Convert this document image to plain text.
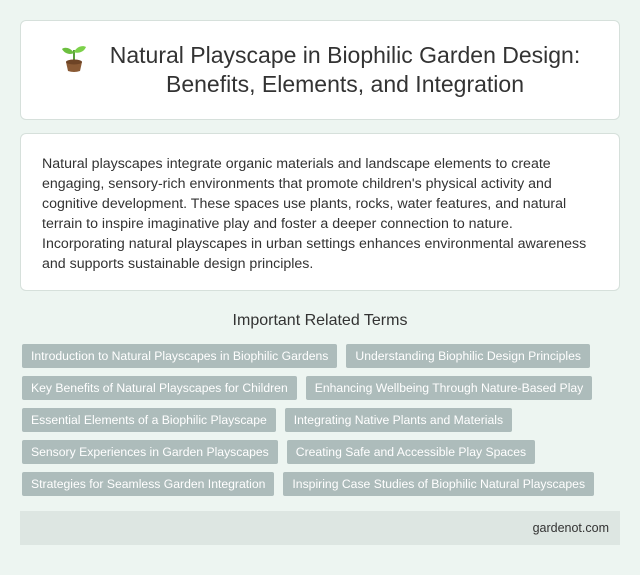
Natural Playscape in Biophilic Garden Design:
Benefits, Elements, and Integration

Natural playscapes integrate organic materials and landscape elements to create engaging, sensory-rich environments that promote children's physical activity and cognitive development. These spaces use plants, rocks, water features, and natural terrain to inspire imaginative play and foster a deeper connection to nature. Incorporating natural playscapes in urban settings enhances environmental awareness and supports sustainable design principles.

Important Related Terms
Introduction to Natural Playscapes in Biophilic Gardens	Understanding Biophilic Design Principles
Key Benefits of Natural Playscapes for Children	Enhancing Wellbeing Through Nature-Based Play
Essential Elements of a Biophilic Playscape	Integrating Native Plants and Materials
Sensory Experiences in Garden Playscapes	Creating Safe and Accessible Play Spaces
Strategies for Seamless Garden Integration	Inspiring Case Studies of Biophilic Natural Playscapes
gardenot.com
